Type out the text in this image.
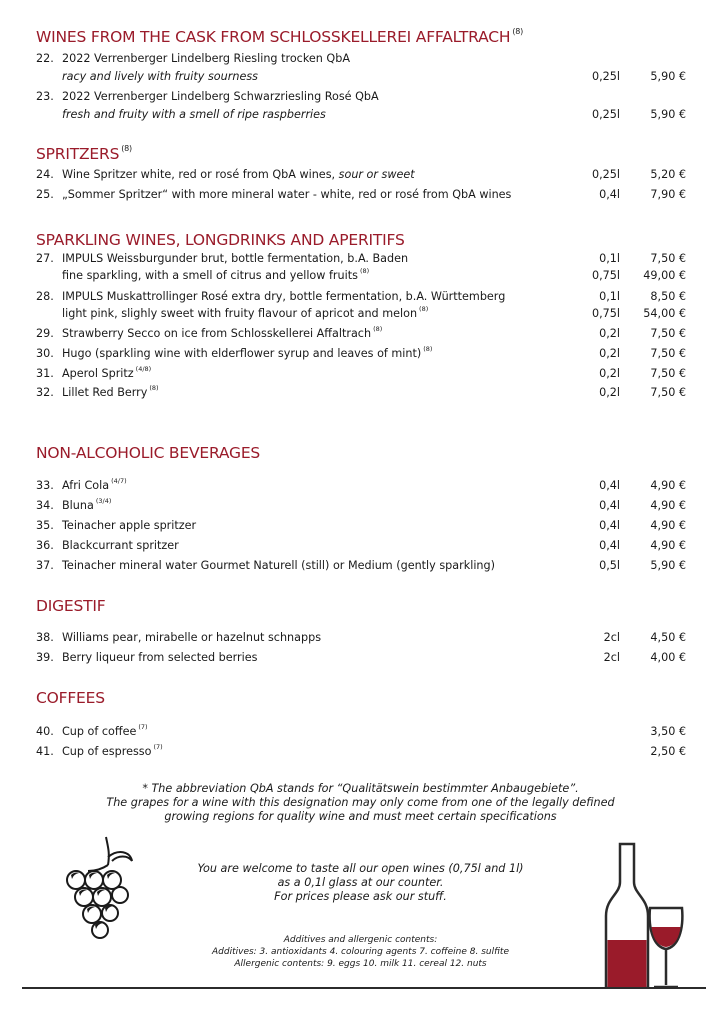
WINES FROM THE CASK FROM SCHLOSSKELLEREI AFFALTRACH $^{(8)}$
22. 2022 Verrenberger Lindelberg Riesling trocken QbA
racy and lively with fruity sourness	0,25l	5,90 €
23. 2022 Verrenberger Lindelberg Schwarzriesling Rosé QbA
fresh and fruity with a smell of ripe raspberries	0,25l	5,90 €
SPRITZERS $^{(8)}$
24. Wine Spritzer white, red or rosé from QbA wines, sour or sweet	0,25l	5,20 €
25. „Sommer Spritzer“ with more mineral water - white, red or rosé from QbA wines	0,4l	7,90 €
SPARKLING WINES, LONGDRINKS AND APERITIFS
27. IMPULS Weissburgunder brut, bottle fermentation, b.A. Baden	0,1l	7,50 €
fine sparkling, with a smell of citrus and yellow fruits $^{(8)}$	0,75l 49,00 €
28. IMPULS Muskattrollinger Rosé extra dry, bottle fermentation, b.A. Württemberg	0,1l	8,50 €
light pink, slighly sweet with fruity flavour of apricot and melon $^{(8)}$	0,75l 54,00 €
29. Strawberry Secco on ice from Schlosskellerei Affaltrach $^{(8)}$	0,2l	7,50 €
30. Hugo (sparkling wine with elderflower syrup and leaves of mint) $^{(8)}$	0,2l	7,50 €
31. Aperol Spritz $^{(4/8)}$	0,2l	7,50 €
32. Lillet Red Berry $^{(8)}$	0,2l	7,50 €
NON-ALCOHOLIC BEVERAGES
33. Afri Cola $^{(4/7)}$	0,4l	4,90 €
34. Bluna $^{(3/4)}$	0,4l	4,90 €
35. Teinacher apple spritzer	0,4l	4,90 €
36. Blackcurrant spritzer	0,4l	4,90 €
37. Teinacher mineral water Gourmet Naturell (still) or Medium (gently sparkling)	0,5l	5,90 €
DIGESTIF
38. Williams pear, mirabelle or hazelnut schnapps	2cl	4,50 €
39. Berry liqueur from selected berries	2cl	4,00 €
COFFEES
40. Cup of coffee $^{(7)}$	3,50 €
41. Cup of espresso $^{(7)}$	2,50 €
* The abbreviation QbA stands for “Qualitätswein bestimmter Anbaugebiete”.
The grapes for a wine with this designation may only come from one of the legally defined
growing regions for quality wine and must meet certain specifications
You are welcome to taste all our open wines (0,75l and 1l)
as a 0,1l glass at our counter.
For prices please ask our stuff.
Additives and allergenic contents:
Additives: 3. antioxidants 4. colouring agents 7. coffeine 8. sulfite
Allergenic contents: 9. eggs 10. milk 11. cereal 12. nuts
